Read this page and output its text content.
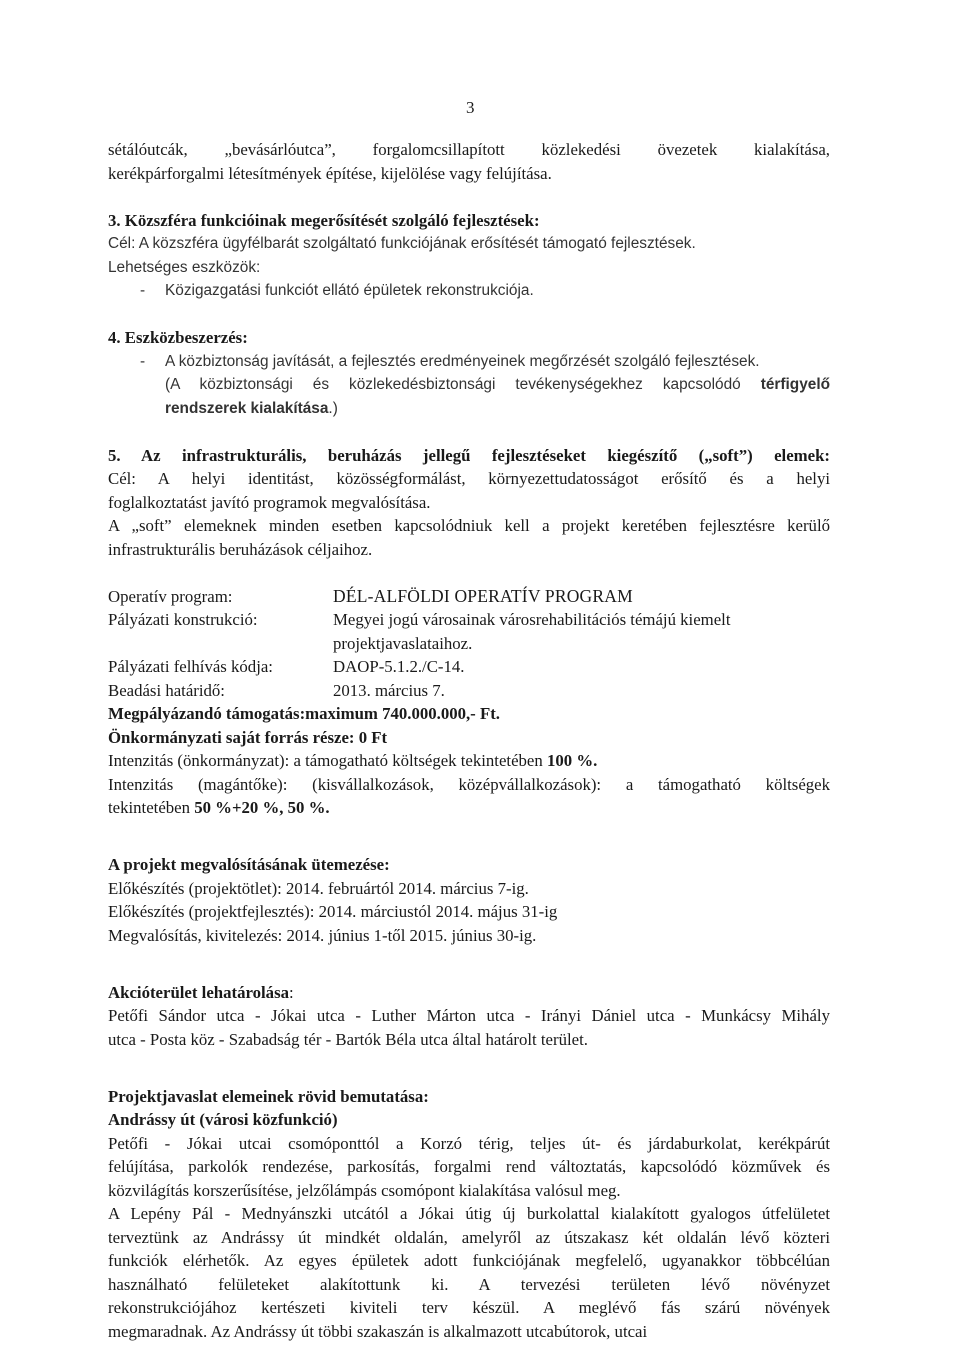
3

sétálóutcák, „bevásárlóutca”, forgalomcsillapított közlekedési övezetek kialakítása,

kerékpárforgalmi létesítmények építése, kijelölése vagy felújítása.

3. Közszféra funkcióinak megerősítését szolgáló fejlesztések:

Cél: A közszféra ügyfélbarát szolgáltató funkciójának erősítését támogató fejlesztések.

Lehetséges eszközök:

-	Közigazgatási funkciót ellátó épületek rekonstrukciója.

4. Eszközbeszerzés:

-	A közbiztonság javítását, a fejlesztés eredményeinek megőrzését szolgáló fejlesztések.

(A közbiztonsági és közlekedésbiztonsági tevékenységekhez kapcsolódó térfigyelő

rendszerek kialakítása.)

5. Az infrastrukturális, beruházás jellegű fejlesztéseket kiegészítő („soft”) elemek:

Cél: A helyi identitást, közösségformálást, környezettudatosságot erősítő és a helyi

foglalkoztatást javító programok megvalósítása.

A „soft” elemeknek minden esetben kapcsolódniuk kell a projekt keretében fejlesztésre kerülő

infrastrukturális beruházások céljaihoz.

Operatív program:	DÉL-ALFÖLDI OPERATÍV PROGRAM
Pályázati konstrukció:	Megyei jogú városainak városrehabilitációs témájú kiemelt
projektjavaslataihoz.
Pályázati felhívás kódja:	DAOP-5.1.2./C-14.
Beadási határidő:	2013. március 7.

Megpályázandó támogatás:maximum 740.000.000,- Ft.

Önkormányzati saját forrás része: 0 Ft

Intenzitás (önkormányzat): a támogatható költségek tekintetében 100 %.

Intenzitás (magántőke): (kisvállalkozások, középvállalkozások): a támogatható költségek

tekintetében 50 %+20 %, 50 %.

A projekt megvalósításának ütemezése:

Előkészítés (projektötlet): 2014. februártól 2014. március 7-ig.

Előkészítés (projektfejlesztés): 2014. márciustól 2014. május 31-ig

Megvalósítás, kivitelezés: 2014. június 1-től 2015. június 30-ig.

Akcióterület lehatárolása:

Petőfi Sándor utca - Jókai utca - Luther Márton utca - Irányi Dániel utca - Munkácsy Mihály

utca - Posta köz - Szabadság tér - Bartók Béla utca által határolt terület.

Projektjavaslat elemeinek rövid bemutatása:

Andrássy út (városi közfunkció)

Petőfi - Jókai utcai csomóponttól a Korzó térig, teljes út- és járdaburkolat, kerékpárút

felújítása, parkolók rendezése, parkosítás, forgalmi rend változtatás, kapcsolódó közművek és

közvilágítás korszerűsítése, jelzőlámpás csomópont kialakítása valósul meg.

A Lepény Pál - Mednyánszki utcától a Jókai útig új burkolattal kialakított gyalogos útfelületet

terveztünk az Andrássy út mindkét oldalán, amelyről az útszakasz két oldalán lévő közteri

funkciók elérhetők. Az egyes épületek adott funkciójának megfelelő, ugyanakkor többcélúan

használható felületeket alakítottunk ki. A tervezési területen lévő növényzet

rekonstrukciójához kertészeti kiviteli terv készül. A meglévő fás szárú növények

megmaradnak. Az Andrássy út többi szakaszán is alkalmazott utcabútorok, utcai
